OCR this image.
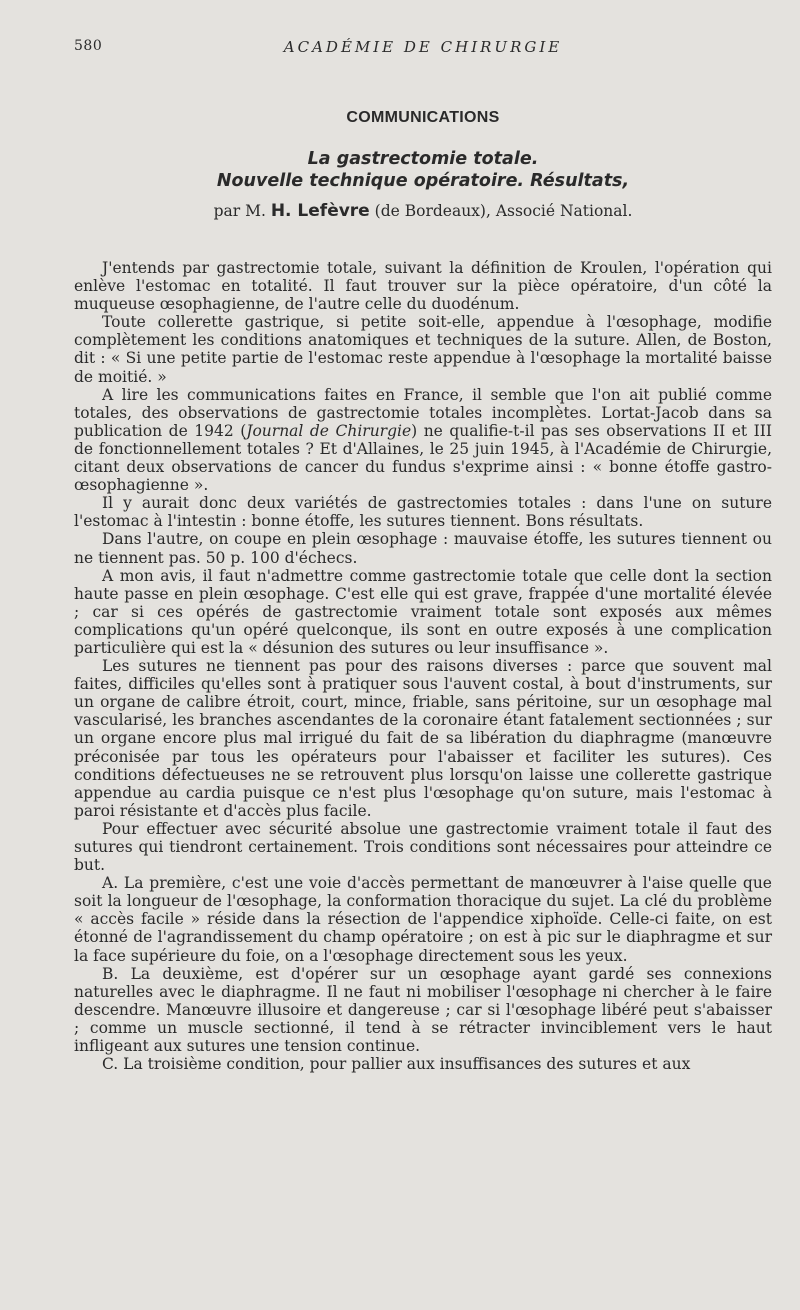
580	ACADÉMIE DE CHIRURGIE
COMMUNICATIONS
La gastrectomie totale.
Nouvelle technique opératoire. Résultats,
par M. H. Lefèvre (de Bordeaux), Associé National.

J'entends par gastrectomie totale, suivant la définition de Kroulen, l'opération qui enlève l'estomac en totalité. Il faut trouver sur la pièce opératoire, d'un côté la muqueuse œsophagienne, de l'autre celle du duodénum.

Toute collerette gastrique, si petite soit-elle, appendue à l'œsophage, modifie complètement les conditions anatomiques et techniques de la suture. Allen, de Boston, dit : « Si une petite partie de l'estomac reste appendue à l'œsophage la mortalité baisse de moitié. »

A lire les communications faites en France, il semble que l'on ait publié comme totales, des observations de gastrectomie totales incomplètes. Lortat-Jacob dans sa publication de 1942 (Journal de Chirurgie) ne qualifie-t-il pas ses observations II et III de fonctionnellement totales ? Et d'Allaines, le 25 juin 1945, à l'Académie de Chirurgie, citant deux observations de cancer du fundus s'exprime ainsi : « bonne étoffe gastro-œsophagienne ».

Il y aurait donc deux variétés de gastrectomies totales : dans l'une on suture l'estomac à l'intestin : bonne étoffe, les sutures tiennent. Bons résultats.

Dans l'autre, on coupe en plein œsophage : mauvaise étoffe, les sutures tiennent ou ne tiennent pas. 50 p. 100 d'échecs.

A mon avis, il faut n'admettre comme gastrectomie totale que celle dont la section haute passe en plein œsophage. C'est elle qui est grave, frappée d'une mortalité élevée ; car si ces opérés de gastrectomie vraiment totale sont exposés aux mêmes complications qu'un opéré quelconque, ils sont en outre exposés à une complication particulière qui est la « désunion des sutures ou leur insuffisance ».

Les sutures ne tiennent pas pour des raisons diverses : parce que souvent mal faites, difficiles qu'elles sont à pratiquer sous l'auvent costal, à bout d'instruments, sur un organe de calibre étroit, court, mince, friable, sans péritoine, sur un œsophage mal vascularisé, les branches ascendantes de la coronaire étant fatalement sectionnées ; sur un organe encore plus mal irrigué du fait de sa libération du diaphragme (manœuvre préconisée par tous les opérateurs pour l'abaisser et faciliter les sutures). Ces conditions défectueuses ne se retrouvent plus lorsqu'on laisse une collerette gastrique appendue au cardia puisque ce n'est plus l'œsophage qu'on suture, mais l'estomac à paroi résistante et d'accès plus facile.

Pour effectuer avec sécurité absolue une gastrectomie vraiment totale il faut des sutures qui tiendront certainement. Trois conditions sont nécessaires pour atteindre ce but.

A. La première, c'est une voie d'accès permettant de manœuvrer à l'aise quelle que soit la longueur de l'œsophage, la conformation thoracique du sujet. La clé du problème « accès facile » réside dans la résection de l'appendice xiphoïde. Celle-ci faite, on est étonné de l'agrandissement du champ opératoire ; on est à pic sur le diaphragme et sur la face supérieure du foie, on a l'œsophage directement sous les yeux.

B. La deuxième, est d'opérer sur un œsophage ayant gardé ses connexions naturelles avec le diaphragme. Il ne faut ni mobiliser l'œsophage ni chercher à le faire descendre. Manœuvre illusoire et dangereuse ; car si l'œsophage libéré peut s'abaisser ; comme un muscle sectionné, il tend à se rétracter invinciblement vers le haut infligeant aux sutures une tension continue.

C. La troisième condition, pour pallier aux insuffisances des sutures et aux
